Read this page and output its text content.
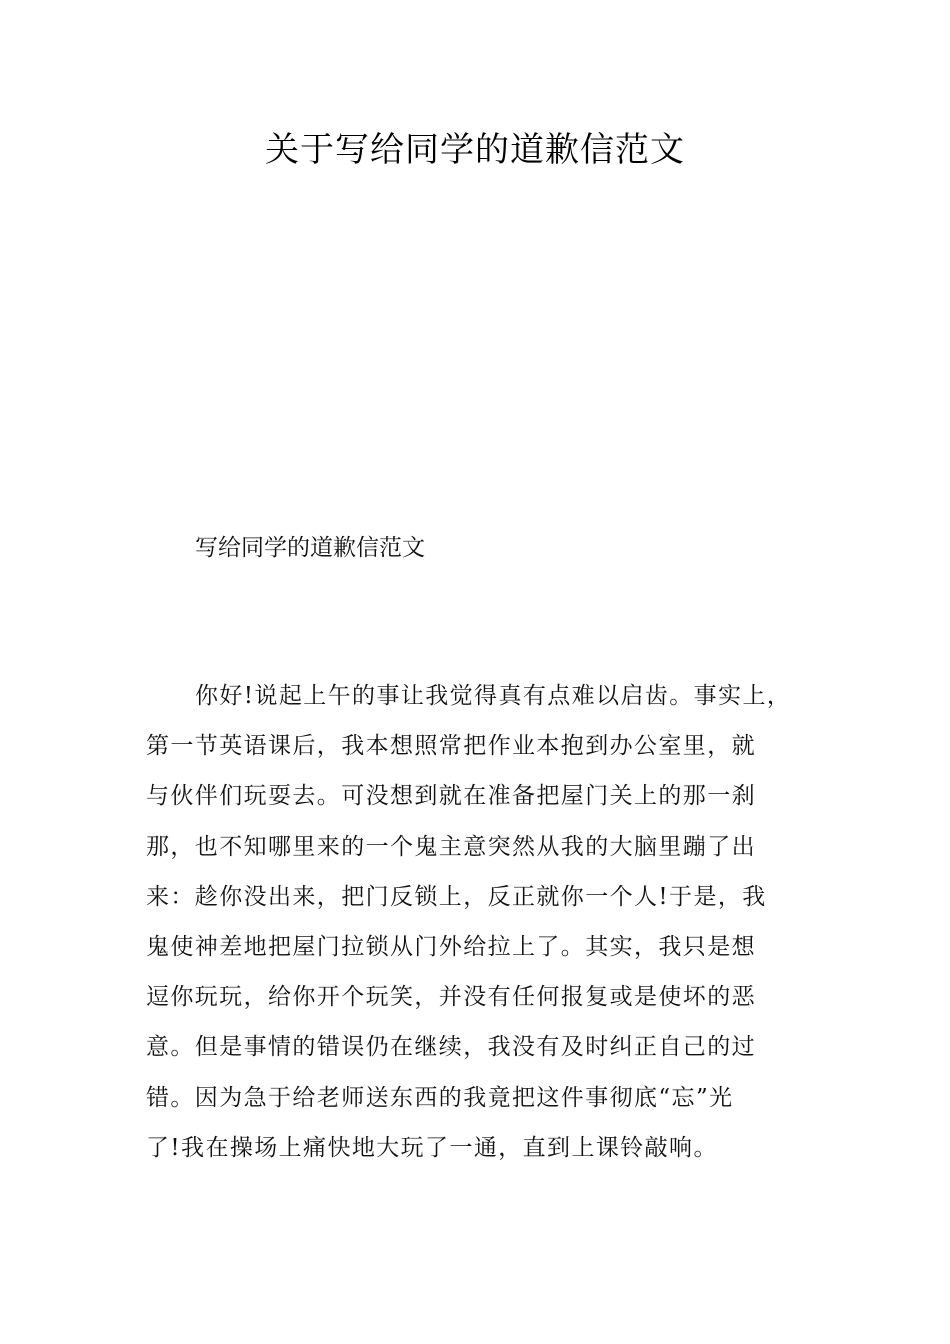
关于写给同学的道歉信范文

写给同学的道歉信范文

你好!说起上午的事让我觉得真有点难以启齿。事实上，
第一节英语课后，我本想照常把作业本抱到办公室里，就
与伙伴们玩耍去。可没想到就在准备把屋门关上的那一刹
那，也不知哪里来的一个鬼主意突然从我的大脑里蹦了出
来：趁你没出来，把门反锁上，反正就你一个人!于是，我
鬼使神差地把屋门拉锁从门外给拉上了。其实，我只是想
逗你玩玩，给你开个玩笑，并没有任何报复或是使坏的恶
意。但是事情的错误仍在继续，我没有及时纠正自己的过
错。因为急于给老师送东西的我竟把这件事彻底“忘”光
了!我在操场上痛快地大玩了一通，直到上课铃敲响。
